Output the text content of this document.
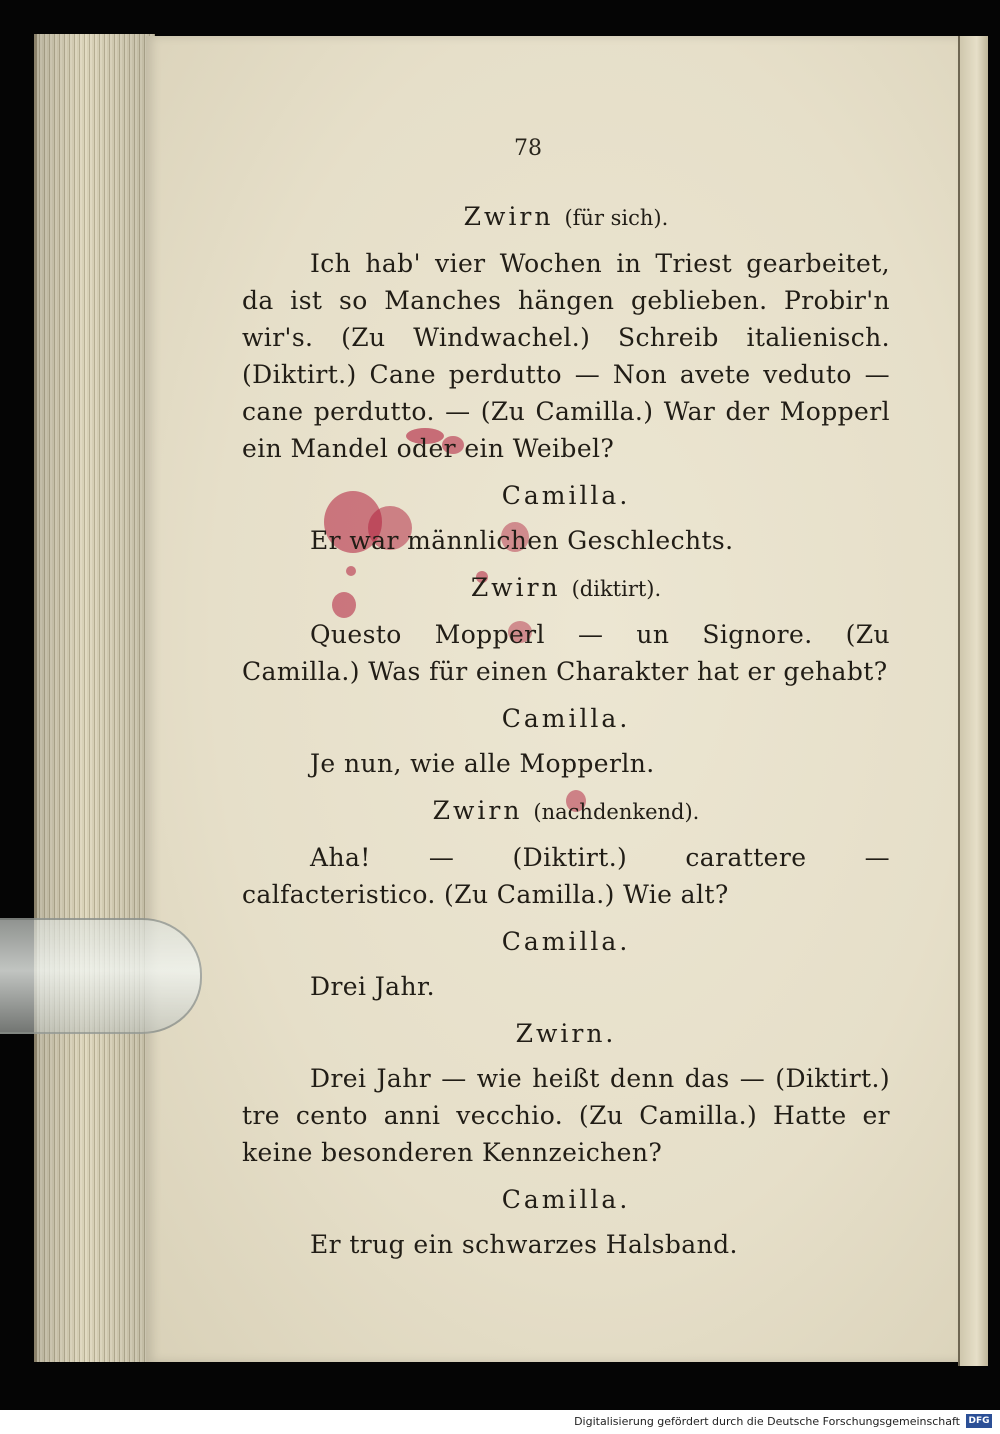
78
Zwirn (für sich).

Ich hab' vier Wochen in Triest gearbeitet, da ist so Manches hängen geblieben. Probir'n wir's. (Zu Windwachel.) Schreib italienisch. (Diktirt.) Cane perdutto — Non avete veduto — cane perdutto. — (Zu Camilla.) War der Mopperl ein Mandel oder ein Weibel?

Camilla.

Er war männlichen Geschlechts.

Zwirn (diktirt).

Questo Mopperl — un Signore. (Zu Camilla.) Was für einen Charakter hat er gehabt?

Camilla.

Je nun, wie alle Mopperln.

Zwirn (nachdenkend).

Aha! — (Diktirt.) carattere — calfacteristico. (Zu Camilla.) Wie alt?

Camilla.

Drei Jahr.

Zwirn.

Drei Jahr — wie heißt denn das — (Diktirt.) tre cento anni vecchio. (Zu Camilla.) Hatte er keine besonderen Kennzeichen?

Camilla.

Er trug ein schwarzes Halsband.

Digitalisierung gefördert durch die Deutsche Forschungsgemeinschaft DFG
